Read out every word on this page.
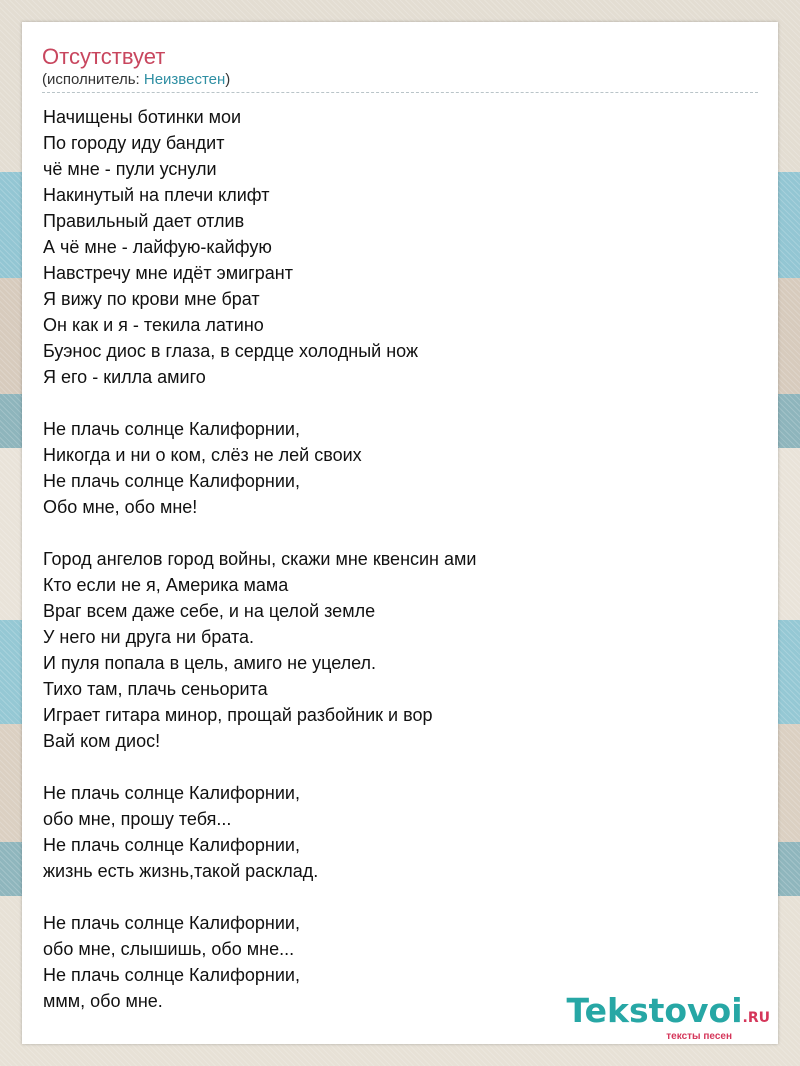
Отсутствует
(исполнитель: Неизвестен)
Начищены ботинки мои
По городу иду бандит
чё мне - пули уснули
Накинутый на плечи клифт
Правильный дает отлив
А чё мне - лайфую-кайфую
Навстречу мне идёт эмигрант
Я вижу по крови мне брат
Он как и я - текила латино
Буэнос диос в глаза, в сердце холодный нож
Я его - килла амиго
Не плачь солнце Калифорнии,
Никогда и ни о ком, слёз не лей своих
Не плачь солнце Калифорнии,
Обо мне, обо мне!
Город ангелов город войны, скажи мне квенсин ами
Кто если не я, Америка мама
Враг всем даже себе, и на целой земле
У него ни друга ни брата.
И пуля попала в цель, амиго не уцелел.
Тихо там, плачь сеньорита
Играет гитара минор, прощай разбойник и вор
Вай ком диос!
Не плачь солнце Калифорнии,
обо мне, прошу тебя...
Не плачь солнце Калифорнии,
жизнь есть жизнь,такой расклад.
Не плачь солнце Калифорнии,
обо мне, слышишь, обо мне...
Не плачь солнце Калифорнии,
ммм, обо мне.	Tekstovoi.RU
тексты песен
